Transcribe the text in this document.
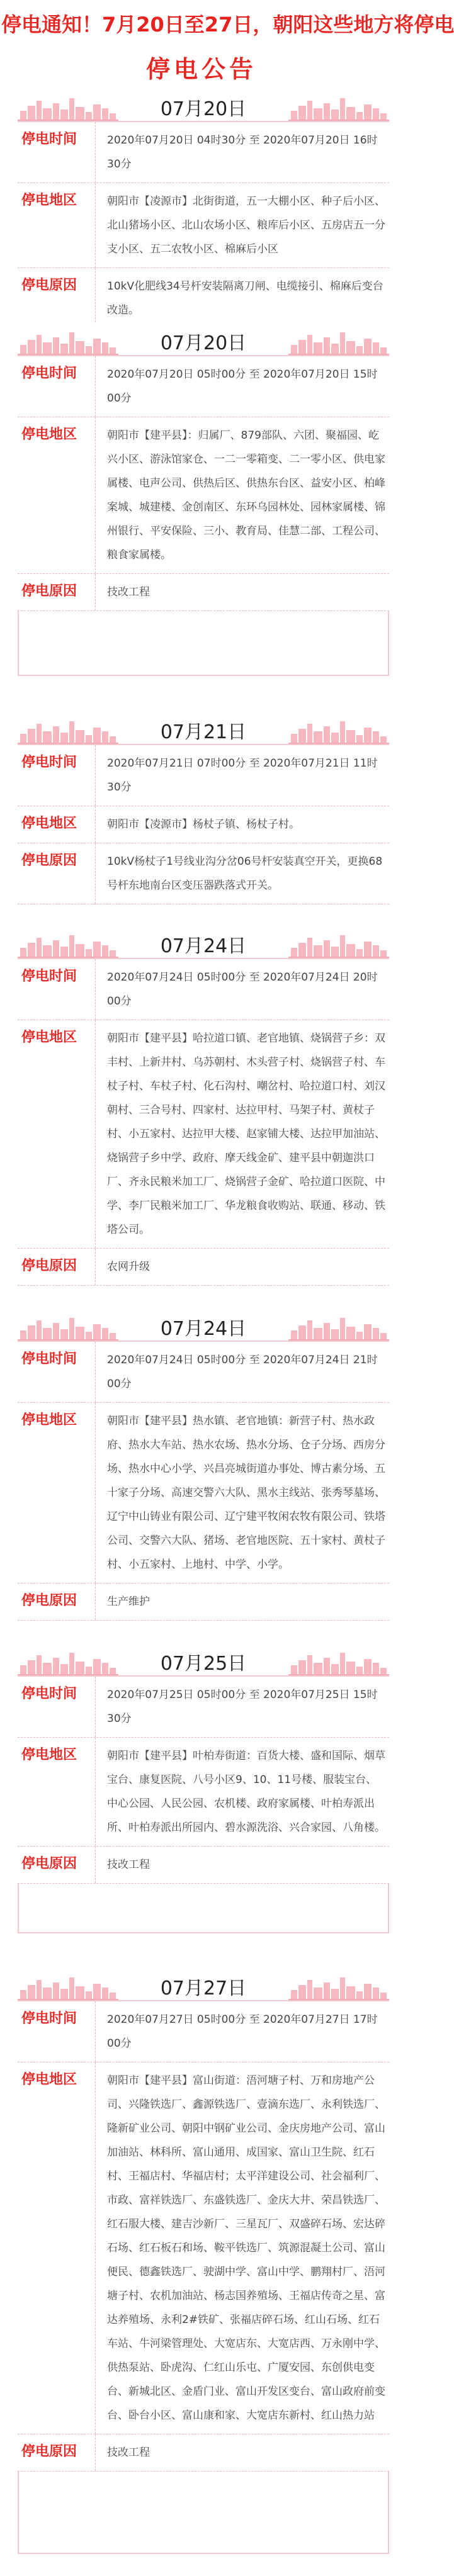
停电通知！7月20日至27日，朝阳这些地方将停电
停电公告
07月20日
停电时间	2020年07月20日 04时30分 至 2020年07月20日 16时30分
停电地区	朝阳市【凌源市】北街街道，五一大棚小区、种子后小区、北山猪场小区、北山农场小区、粮库后小区、五房店五一分支小区、五二农牧小区、棉麻后小区
停电原因	10kV化肥线34号杆安装隔离刀闸、电缆接引、棉麻后变台改造。
07月20日
停电时间	2020年07月20日 05时00分 至 2020年07月20日 15时00分
停电地区	朝阳市【建平县】：归属厂、879部队、六团、聚福园、屹兴小区、游泳馆家仓、一二一零箱变、二一零小区、供电家属楼、电声公司、供热后区、供热东台区、益安小区、柏峰案城、城建楼、金创南区、东环乌园林处、园林家属楼、锦州银行、平安保险、三小、教育局、佳慧二部、工程公司、粮食家属楼。
停电原因	技改工程
07月21日
停电时间	2020年07月21日 07时00分 至 2020年07月21日 11时30分
停电地区	朝阳市【凌源市】杨杖子镇、杨杖子村。
停电原因	10kV杨杖子1号线业沟分岔06号杆安装真空开关，更换68号杆东地南台区变压器跌落式开关。
07月24日
停电时间	2020年07月24日 05时00分 至 2020年07月24日 20时00分
停电地区	朝阳市【建平县】哈拉道口镇、老官地镇、烧锅营子乡：双丰村、上新井村、乌苏朝村、木头营子村、烧锅营子村、车杖子村、车杖子村、化石沟村、嘲岔村、哈拉道口村、刘汉朝村、三合号村、四家村、达拉甲村、马架子村、黄杖子村、小五家村、达拉甲大楼、赵家铺大楼、达拉甲加油站、烧锅营子乡中学、政府、摩天线金矿、建平县中朝迦洪口厂、齐永民粮米加工厂、烧锅营子金矿、哈拉道口医院、中学、李厂民粮米加工厂、华龙粮食收购站、联通、移动、铁塔公司。
停电原因	农网升级
07月24日
停电时间	2020年07月24日 05时00分 至 2020年07月24日 21时00分
停电地区	朝阳市【建平县】热水镇、老官地镇：新营子村、热水政府、热水大车站、热水农场、热水分场、仓子分场、西房分场、热水中心小学、兴昌亮城街道办事处、博古素分场、五十家子分场、高速交警六大队、黑水主线站、张秀琴墓场、辽宁中山铸业有限公司、辽宁建平牧闲农牧有限公司、铁塔公司、交警六大队、猪场、老官地医院、五十家村、黄杖子村、小五家村、上地村、中学、小学。
停电原因	生产维护
07月25日
停电时间	2020年07月25日 05时00分 至 2020年07月25日 15时30分
停电地区	朝阳市【建平县】叶柏寿街道：百货大楼、盛和国际、烟草宝台、康复医院、八号小区9、10、11号楼、服装宝台、中心公园、人民公园、农机楼、政府家属楼、叶柏寿派出所、叶柏寿派出所园内、碧水源洗浴、兴合家园、八角楼。
停电原因	技改工程
07月27日
停电时间	2020年07月27日 05时00分 至 2020年07月27日 17时00分
停电地区	朝阳市【建平县】富山街道：浯河塘子村、万和房地产公司、兴隆铁选厂、鑫源铁选厂、壹滴东选厂、永利铁选厂、隆新矿业公司、朝阳中钢矿业公司、金庆房地产公司、富山加油站、林科所、富山通用、成国家、富山卫生院、红石村、王福店村、华福店村；太平洋建设公司、社会福利厂、市政、富祥铁选厂、东盛铁选厂、金庆大井、荣昌铁选厂、红石服大楼、建吉沙新厂、三星瓦厂、双盛碎石场、宏达碎石场、红石板石和场、鞍平铁选厂、筑源混凝土公司、富山便民、德鑫铁选厂、驶湖中学、富山中学、鹏翔村厂、浯河塘子村、农机加油站、杨志国养殖场、王福店传奇之星、富达养殖场、永利2#铁矿、张福店碎石场、红山石场、红石车站、牛河梁管理处、大宽店东、大宽店西、万永刚中学、供热泵站、卧虎沟、仁红山乐屯、广厦安园、东创供电变台、新城北区、金盾门业、富山开发区变台、富山政府前变台、卧台小区、富山康和家、大宽店东新村、红山热力站
停电原因	技改工程
